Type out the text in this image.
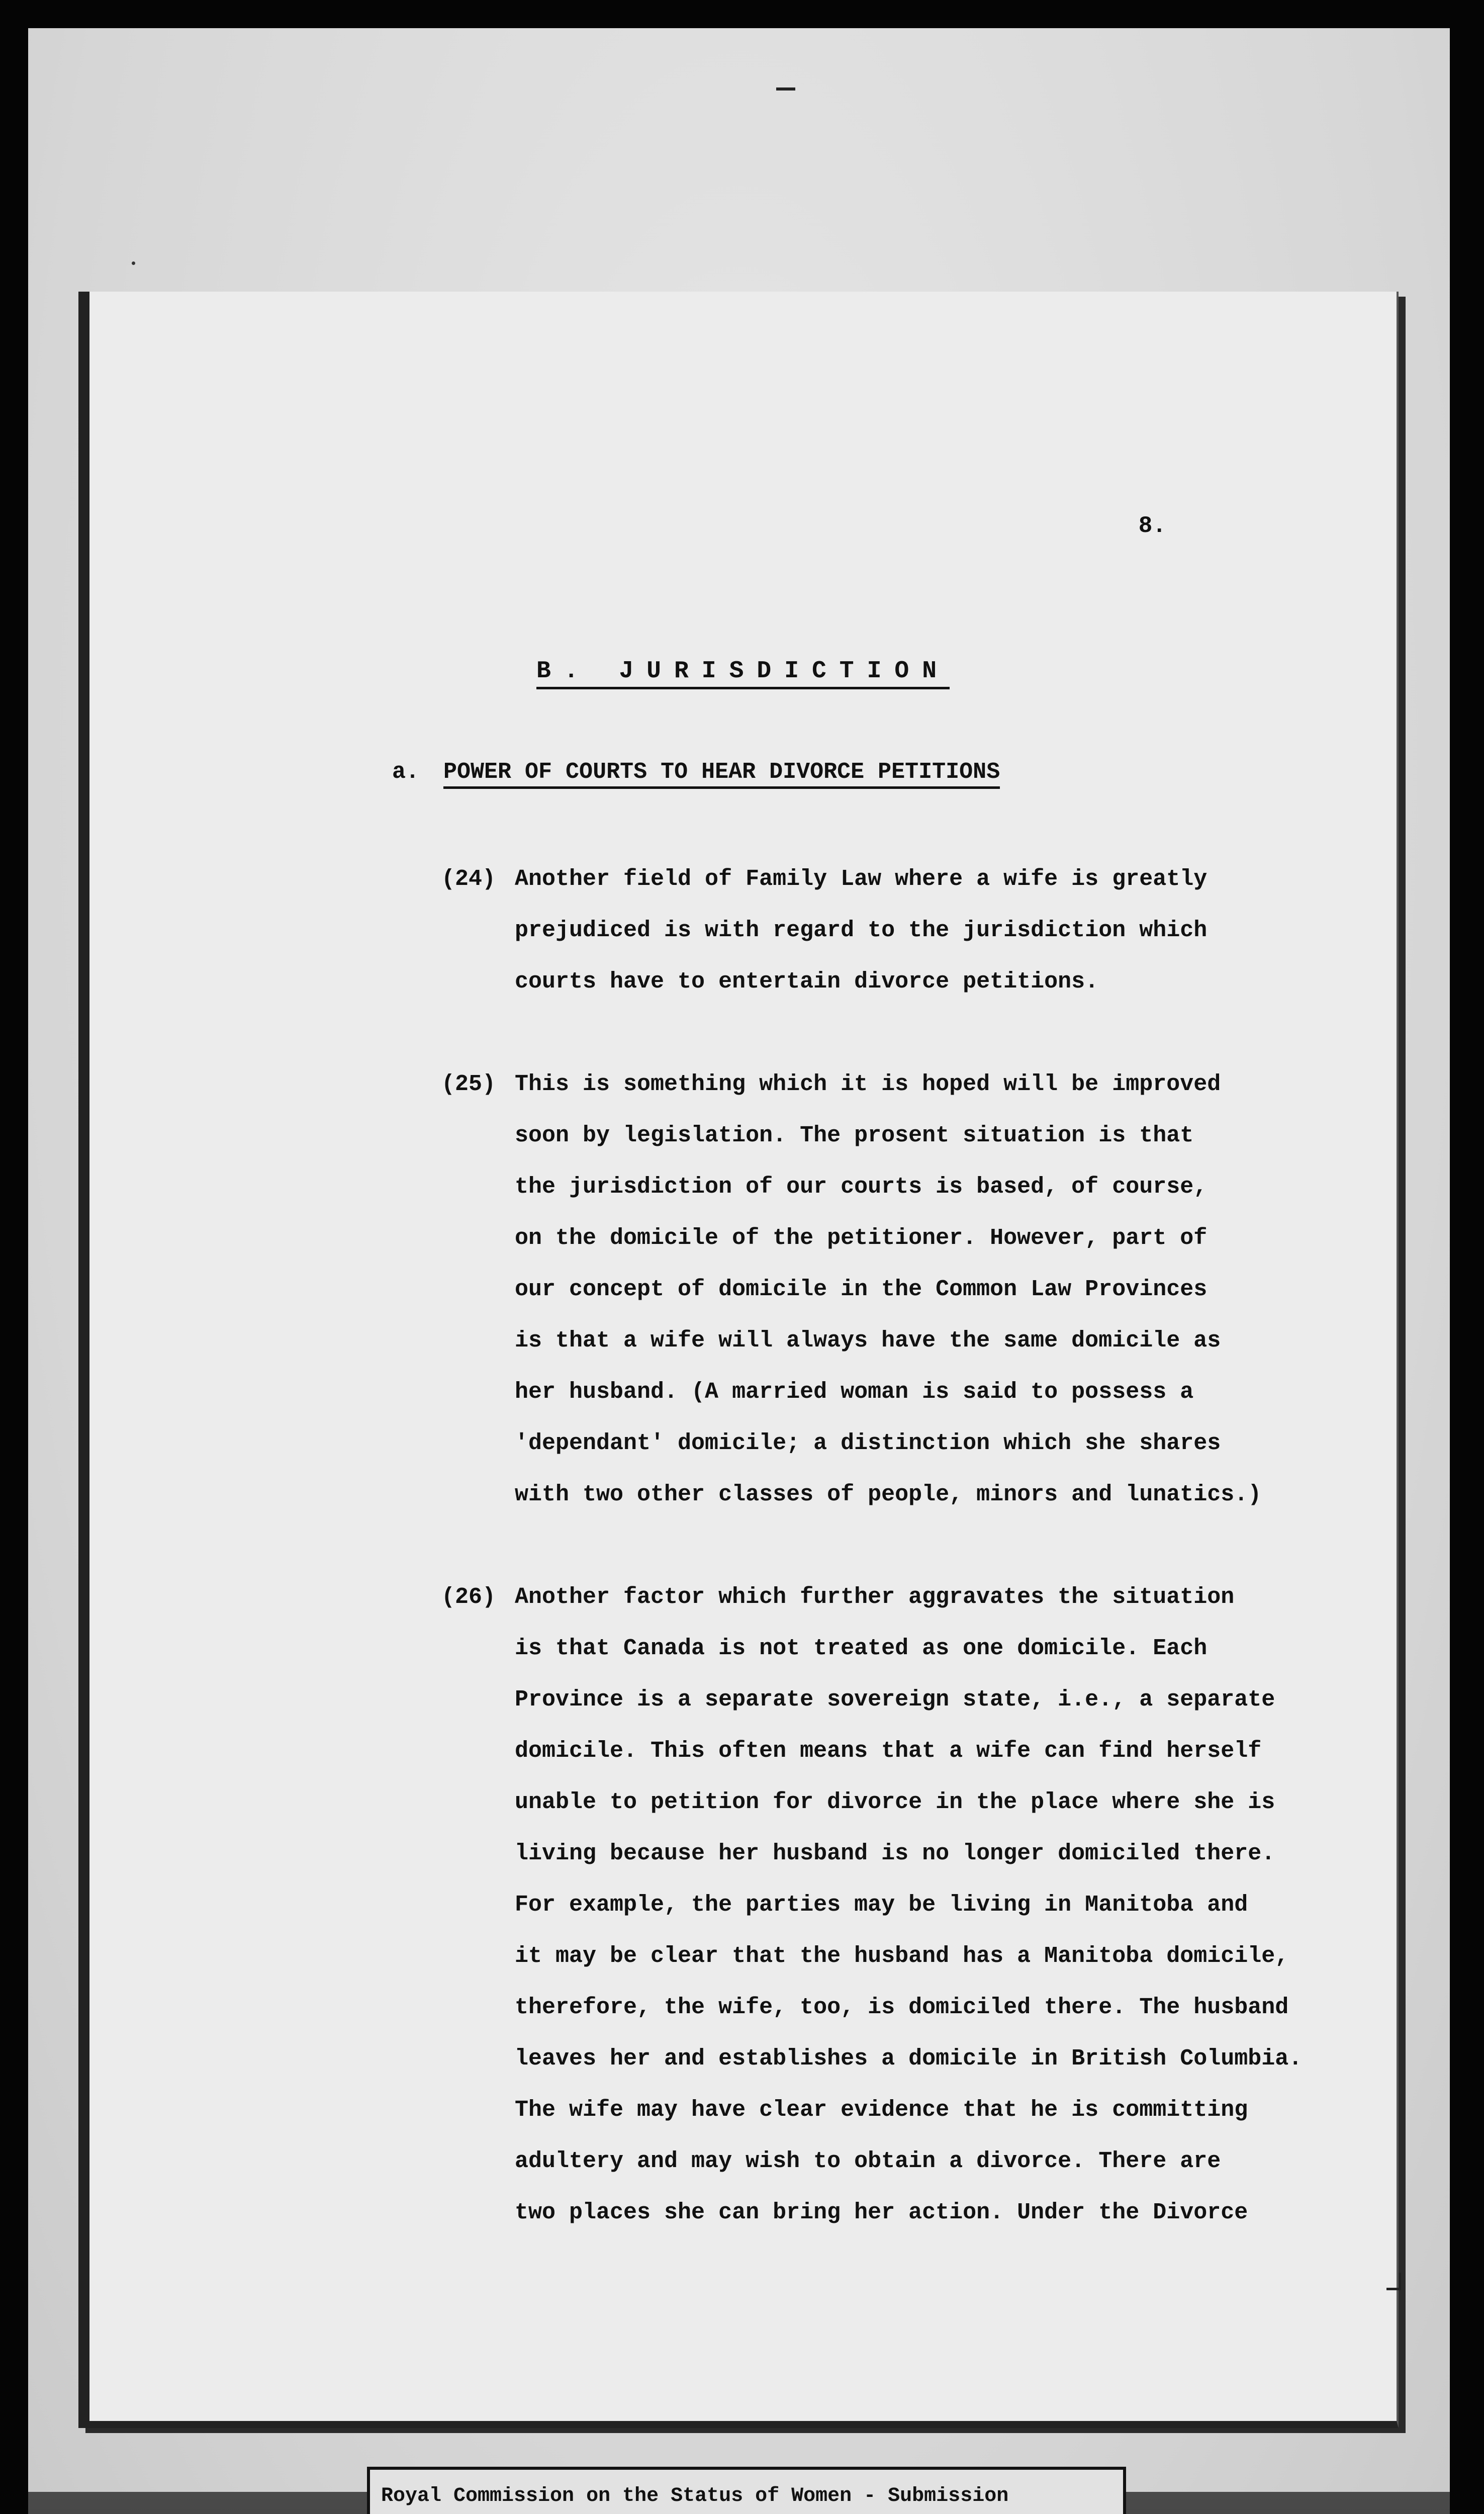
8.
B. JURISDICTION
a. POWER OF COURTS TO HEAR DIVORCE PETITIONS
(24) Another field of Family Law where a wife is greatly
prejudiced is with regard to the jurisdiction which
courts have to entertain divorce petitions.
(25) This is something which it is hoped will be improved
soon by legislation. The prosent situation is that
the jurisdiction of our courts is based, of course,
on the domicile of the petitioner. However, part of
our concept of domicile in the Common Law Provinces
is that a wife will always have the same domicile as
her husband. (A married woman is said to possess a
'dependant' domicile; a distinction which she shares
with two other classes of people, minors and lunatics.)
(26) Another factor which further aggravates the situation
is that Canada is not treated as one domicile. Each
Province is a separate sovereign state, i.e., a separate
domicile. This often means that a wife can find herself
unable to petition for divorce in the place where she is
living because her husband is no longer domiciled there.
For example, the parties may be living in Manitoba and
it may be clear that the husband has a Manitoba domicile,
therefore, the wife, too, is domiciled there. The husband
leaves her and establishes a domicile in British Columbia.
The wife may have clear evidence that he is committing
adultery and may wish to obtain a divorce. There are
two places she can bring her action. Under the Divorce
Royal Commission on the Status of Women - Submission
